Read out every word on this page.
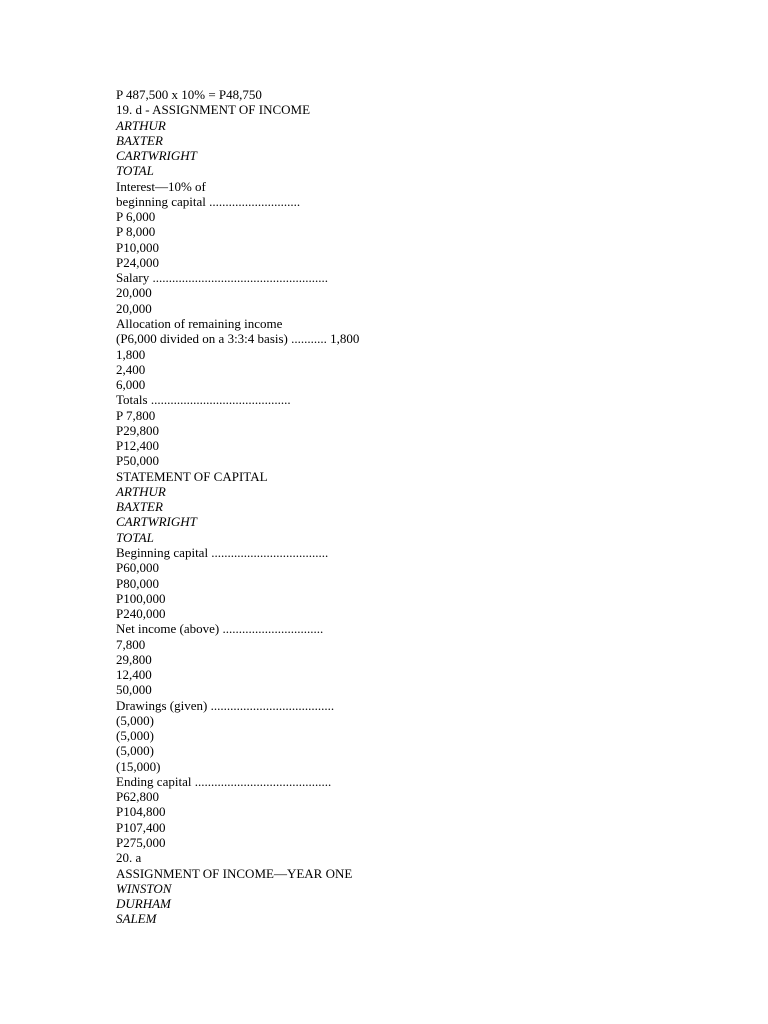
P 487,500 x 10% = P48,750
19. d - ASSIGNMENT OF INCOME
ARTHUR
BAXTER
CARTWRIGHT
TOTAL
Interest—10% of
beginning capital ............................
P 6,000
P 8,000
P10,000
P24,000
Salary ......................................................
20,000
20,000
Allocation of remaining income
(P6,000 divided on a 3:3:4 basis) ........... 1,800
1,800
2,400
6,000
Totals ...........................................
P 7,800
P29,800
P12,400
P50,000
STATEMENT OF CAPITAL
ARTHUR
BAXTER
CARTWRIGHT
TOTAL
Beginning capital ....................................
P60,000
P80,000
P100,000
P240,000
Net income (above) ...............................
7,800
29,800
12,400
50,000
Drawings (given) ......................................
(5,000)
(5,000)
(5,000)
(15,000)
Ending capital ..........................................
P62,800
P104,800
P107,400
P275,000
20. a
ASSIGNMENT OF INCOME—YEAR ONE
WINSTON
DURHAM
SALEM
